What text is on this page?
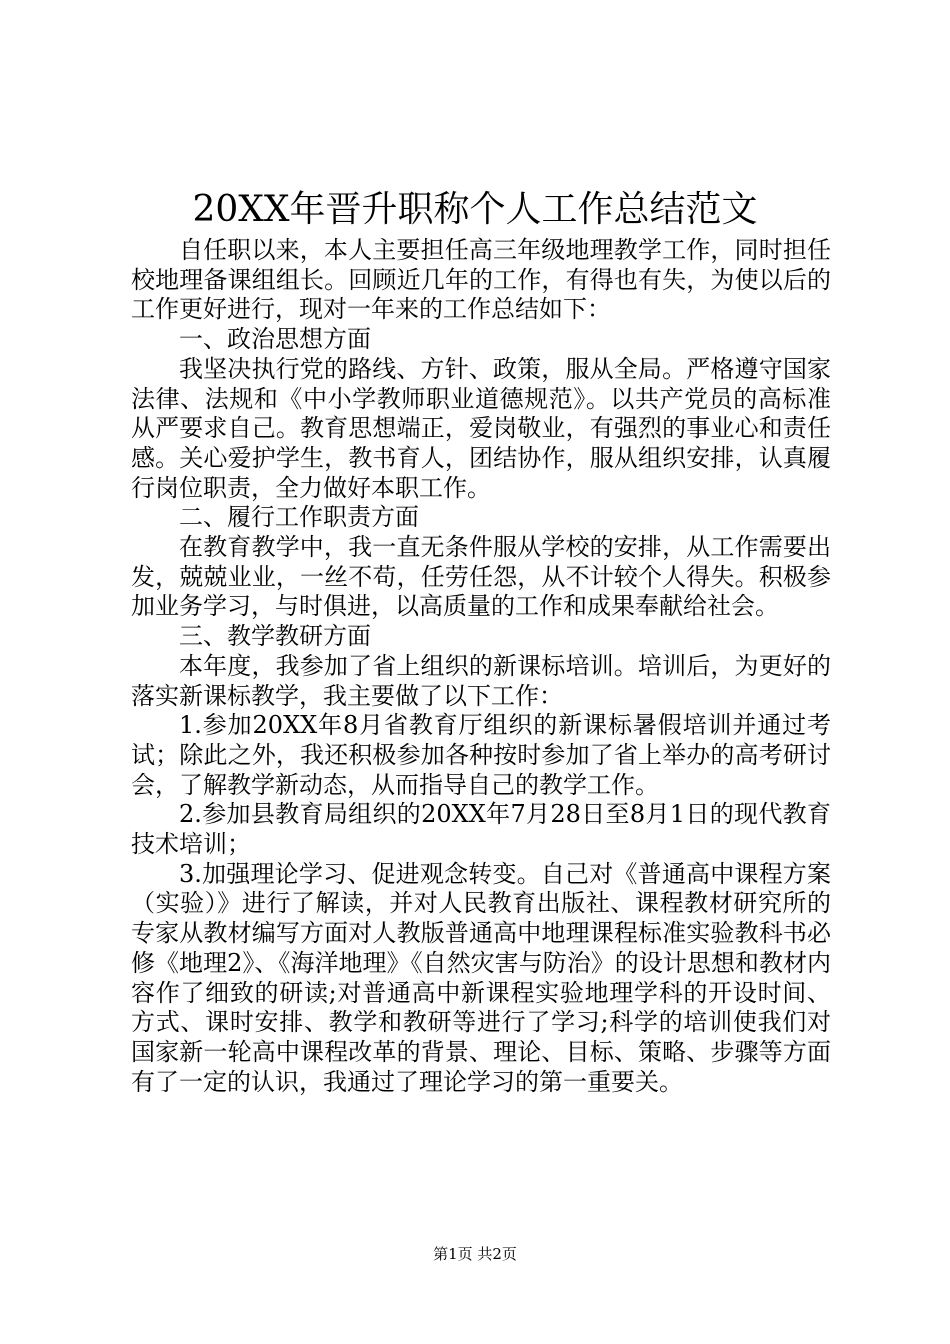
20XX年晋升职称个人工作总结范文

自任职以来，本人主要担任高三年级地理教学工作，同时担任校地理备课组组长。回顾近几年的工作，有得也有失，为使以后的工作更好进行，现对一年来的工作总结如下：

一、政治思想方面

我坚决执行党的路线、方针、政策，服从全局。严格遵守国家法律、法规和《中小学教师职业道德规范》。以共产党员的高标准从严要求自己。教育思想端正，爱岗敬业，有强烈的事业心和责任感。关心爱护学生，教书育人，团结协作，服从组织安排，认真履行岗位职责，全力做好本职工作。

二、履行工作职责方面

在教育教学中，我一直无条件服从学校的安排，从工作需要出发，兢兢业业，一丝不苟，任劳任怨，从不计较个人得失。积极参加业务学习，与时俱进，以高质量的工作和成果奉献给社会。

三、教学教研方面

本年度，我参加了省上组织的新课标培训。培训后，为更好的落实新课标教学，我主要做了以下工作：

1.参加20XX年8月省教育厅组织的新课标暑假培训并通过考试；除此之外，我还积极参加各种按时参加了省上举办的高考研讨会，了解教学新动态，从而指导自己的教学工作。

2.参加县教育局组织的20XX年7月28日至8月1日的现代教育技术培训；

3.加强理论学习、促进观念转变。自己对《普通高中课程方案（实验）》进行了解读，并对人民教育出版社、课程教材研究所的专家从教材编写方面对人教版普通高中地理课程标准实验教科书必修《地理2》、《海洋地理》《自然灾害与防治》的设计思想和教材内容作了细致的研读;对普通高中新课程实验地理学科的开设时间、方式、课时安排、教学和教研等进行了学习;科学的培训使我们对国家新一轮高中课程改革的背景、理论、目标、策略、步骤等方面有了一定的认识，我通过了理论学习的第一重要关。

第1页 共2页
